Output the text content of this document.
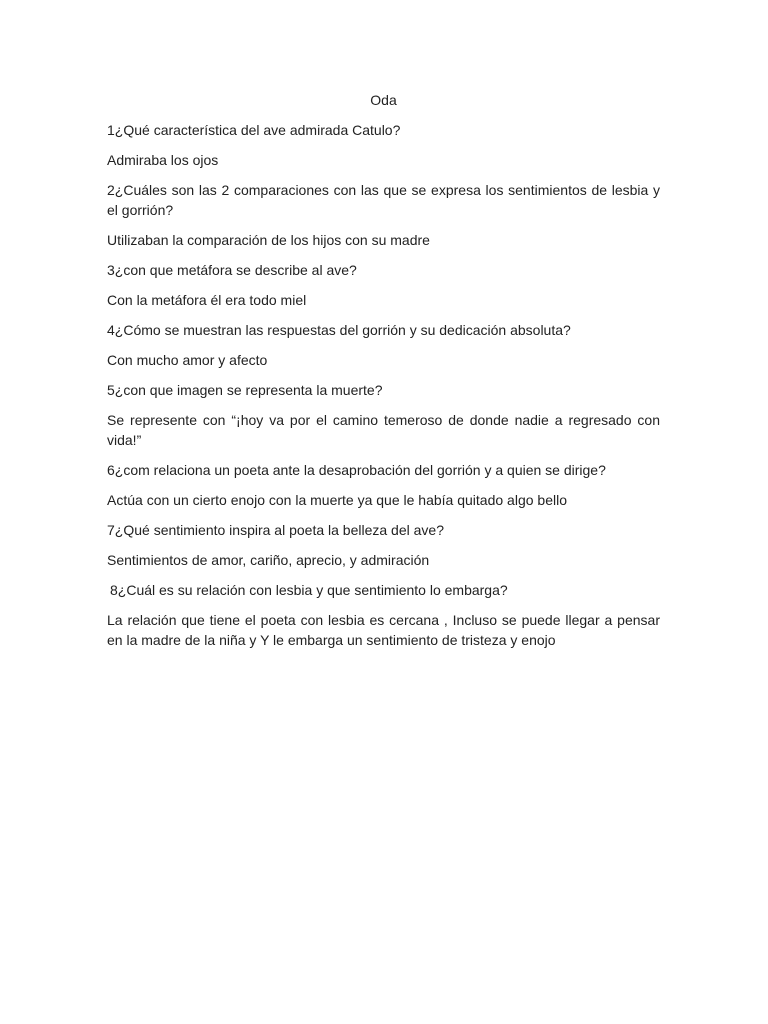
Oda
1¿Qué característica del ave admirada Catulo?
Admiraba los ojos
2¿Cuáles son las 2 comparaciones con las que se expresa los sentimientos de lesbia y el gorrión?
Utilizaban la comparación de los hijos con su madre
3¿con que metáfora se describe al ave?
Con la metáfora él era todo miel
4¿Cómo se muestran las respuestas del gorrión y su dedicación absoluta?
Con mucho amor y afecto
5¿con que imagen se representa la muerte?
Se represente con “¡hoy va por el camino temeroso de donde nadie a regresado con vida!”
6¿com relaciona un poeta ante la desaprobación del gorrión y a quien se dirige?
Actúa con un cierto enojo con la muerte ya que le había quitado algo bello
7¿Qué sentimiento inspira al poeta la belleza del ave?
Sentimientos de amor, cariño, aprecio, y admiración
8¿Cuál es su relación con lesbia y que sentimiento lo embarga?
La relación que tiene el poeta con lesbia es cercana , Incluso se puede llegar a pensar en la madre de la niña y Y le embarga un sentimiento de tristeza y enojo
